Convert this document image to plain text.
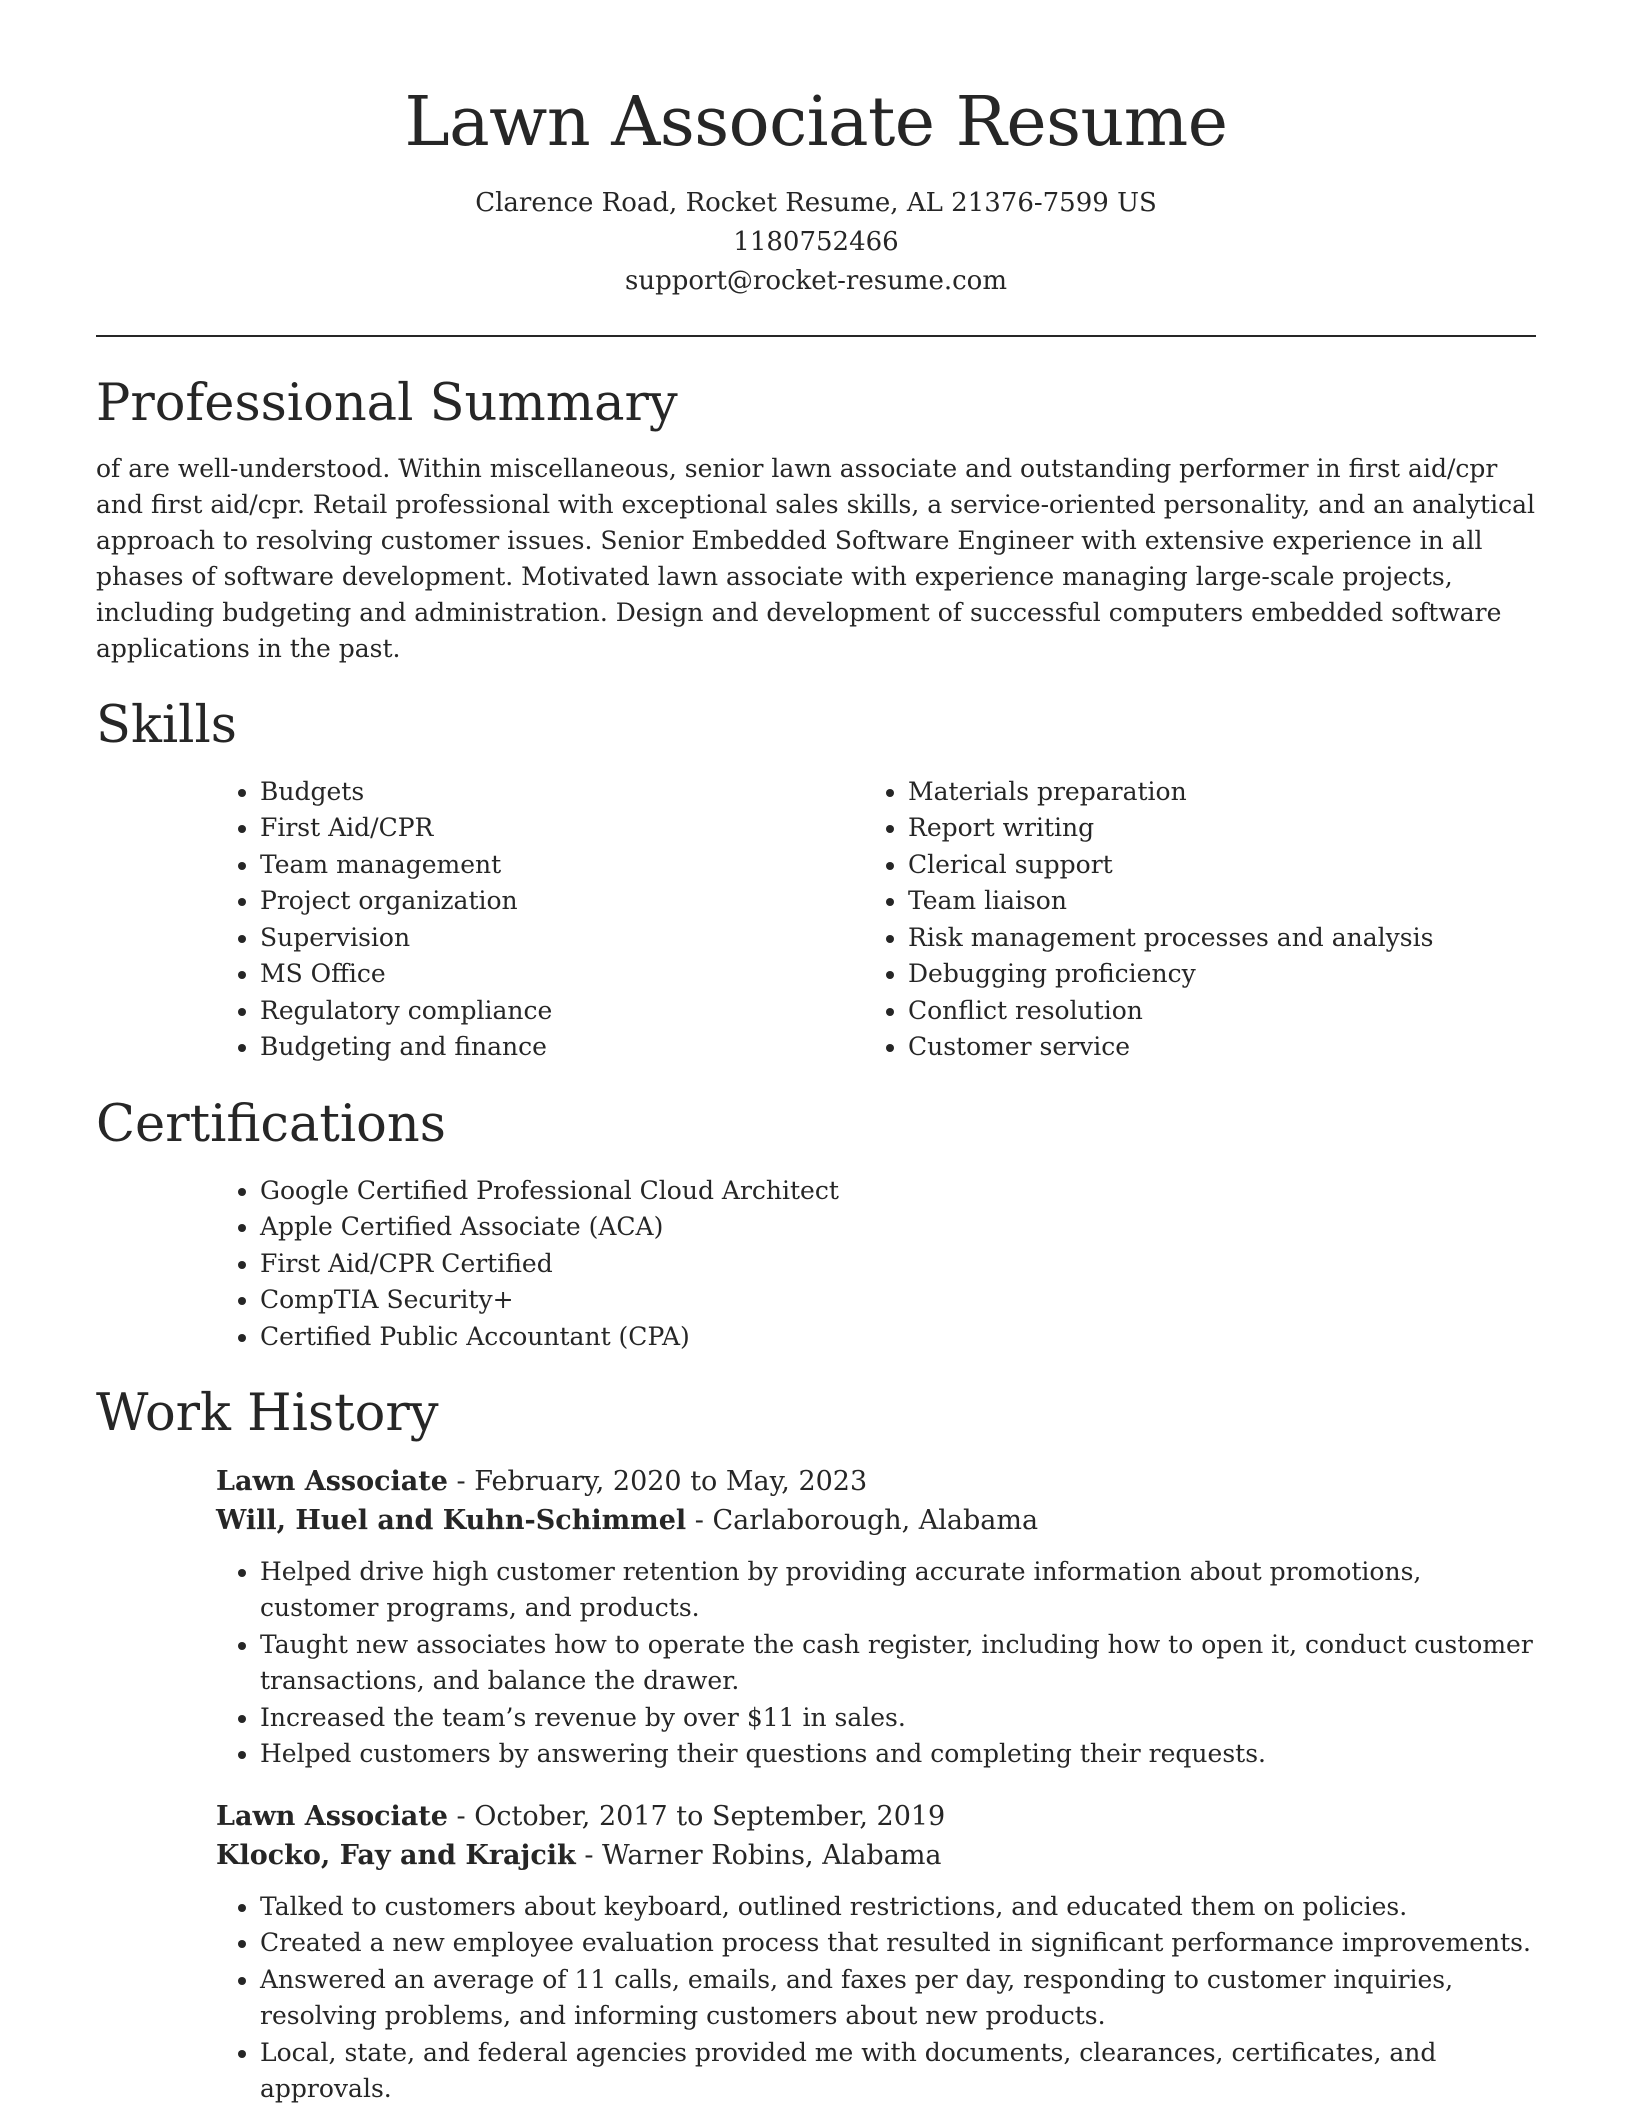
Lawn Associate Resume
Clarence Road, Rocket Resume, AL 21376-7599 US
1180752466
support@rocket-resume.com
Professional Summary

of are well-understood. Within miscellaneous, senior lawn associate and outstanding performer in first aid/cpr and first aid/cpr. Retail professional with exceptional sales skills, a service-oriented personality, and an analytical approach to resolving customer issues. Senior Embedded Software Engineer with extensive experience in all phases of software development. Motivated lawn associate with experience managing large-scale projects, including budgeting and administration. Design and development of successful computers embedded software applications in the past.

Skills
• Budgets
• First Aid/CPR
• Team management
• Project organization
• Supervision
• MS Office
• Regulatory compliance
• Budgeting and finance
• Materials preparation
• Report writing
• Clerical support
• Team liaison
• Risk management processes and analysis
• Debugging proficiency
• Conflict resolution
• Customer service
Certifications
• Google Certified Professional Cloud Architect
• Apple Certified Associate (ACA)
• First Aid/CPR Certified
• CompTIA Security+
• Certified Public Accountant (CPA)
Work History
Lawn Associate - February, 2020 to May, 2023
Will, Huel and Kuhn-Schimmel - Carlaborough, Alabama
• Helped drive high customer retention by providing accurate information about promotions, customer programs, and products.
• Taught new associates how to operate the cash register, including how to open it, conduct customer transactions, and balance the drawer.
• Increased the team’s revenue by over $11 in sales.
• Helped customers by answering their questions and completing their requests.
Lawn Associate - October, 2017 to September, 2019
Klocko, Fay and Krajcik - Warner Robins, Alabama
• Talked to customers about keyboard, outlined restrictions, and educated them on policies.
• Created a new employee evaluation process that resulted in significant performance improvements.
• Answered an average of 11 calls, emails, and faxes per day, responding to customer inquiries, resolving problems, and informing customers about new products.
• Local, state, and federal agencies provided me with documents, clearances, certificates, and approvals.
